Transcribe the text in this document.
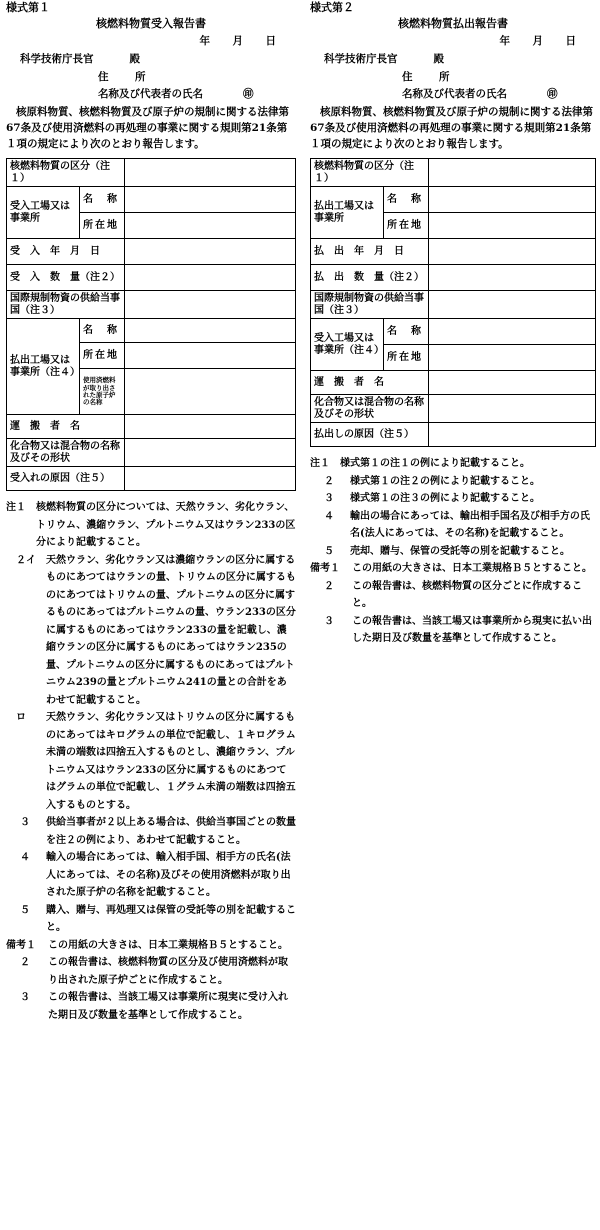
様式第１
核燃料物質受入報告書
年　月　日
科学技術庁長官	殿
住　所
名称及び代表者の氏名	㊞
核原料物質、核燃料物質及び原子炉の規制に関する法律第67条及び使用済燃料の再処理の事業に関する規則第21条第１項の規定により次のとおり報告します。
核燃料物質の区分（注１）		
受入工場又は事業所	名　称	
	所在地	
受　入　年　月　日		
受　入　数　量（注２）		
国際規制物資の供給当事国（注３）		
払出工場又は事業所（注４）	名　称	
	所在地	
	使用済燃料が取り出された原子炉の名称	
運　搬　者　名		
化合物又は混合物の名称及びその形状		
受入れの原因（注５）		

注１	核燃料物質の区分については、天然ウラン、劣化ウラン、トリウム、濃縮ウラン、プルトニウム又はウラン233の区分により記載すること。

２イ	天然ウラン、劣化ウラン又は濃縮ウランの区分に属するものにあつてはウランの量、トリウムの区分に属するものにあつてはトリウムの量、プルトニウムの区分に属するものにあってはプルトニウムの量、ウラン233の区分に属するものにあってはウラン233の量を記載し、濃縮ウランの区分に属するものにあってはウラン235の量、プルトニウムの区分に属するものにあってはプルトニウム239の量とプルトニウム241の量との合計をあわせて記載すること。

ロ	天然ウラン、劣化ウラン又はトリウムの区分に属するものにあってはキログラムの単位で記載し、１キログラム未満の端数は四捨五入するものとし、濃縮ウラン、プルトニウム又はウラン233の区分に属するものにあつてはグラムの単位で記載し、１グラム未満の端数は四捨五入するものとする。

３	供給当事者が２以上ある場合は、供給当事国ごとの数量を注２の例により、あわせて記載すること。

４	輸入の場合にあっては、輸入相手国、相手方の氏名(法人にあっては、その名称)及びその使用済燃料が取り出された原子炉の名称を記載すること。

５	購入、贈与、再処理又は保管の受託等の別を記載すること。

備考１	この用紙の大きさは、日本工業規格Ｂ５とすること。

２	この報告書は、核燃料物質の区分及び使用済燃料が取り出された原子炉ごとに作成すること。

３	この報告書は、当該工場又は事業所に現実に受け入れた期日及び数量を基準として作成すること。

様式第２
核燃料物質払出報告書
年　月　日
科学技術庁長官	殿
住　所
名称及び代表者の氏名	㊞
核原料物質、核燃料物質及び原子炉の規制に関する法律第67条及び使用済燃料の再処理の事業に関する規則第21条第１項の規定により次のとおり報告します。
核燃料物質の区分（注１）		
払出工場又は事業所	名　称	
	所在地	
払　出　年　月　日		
払　出　数　量（注２）		
国際規制物資の供給当事国（注３）		
受入工場又は事業所（注４）	名　称	
	所在地	
運　搬　者　名		
化合物又は混合物の名称及びその形状		
払出しの原因（注５）		

注１	様式第１の注１の例により記載すること。

２	様式第１の注２の例により記載すること。

３	様式第１の注３の例により記載すること。

４	輸出の場合にあっては、輸出相手国名及び相手方の氏名(法人にあっては、その名称)を記載すること。

５	売却、贈与、保管の受託等の別を記載すること。

備考１	この用紙の大きさは、日本工業規格Ｂ５とすること。

２	この報告書は、核燃料物質の区分ごとに作成すること。

３	この報告書は、当該工場又は事業所から現実に払い出した期日及び数量を基準として作成すること。
